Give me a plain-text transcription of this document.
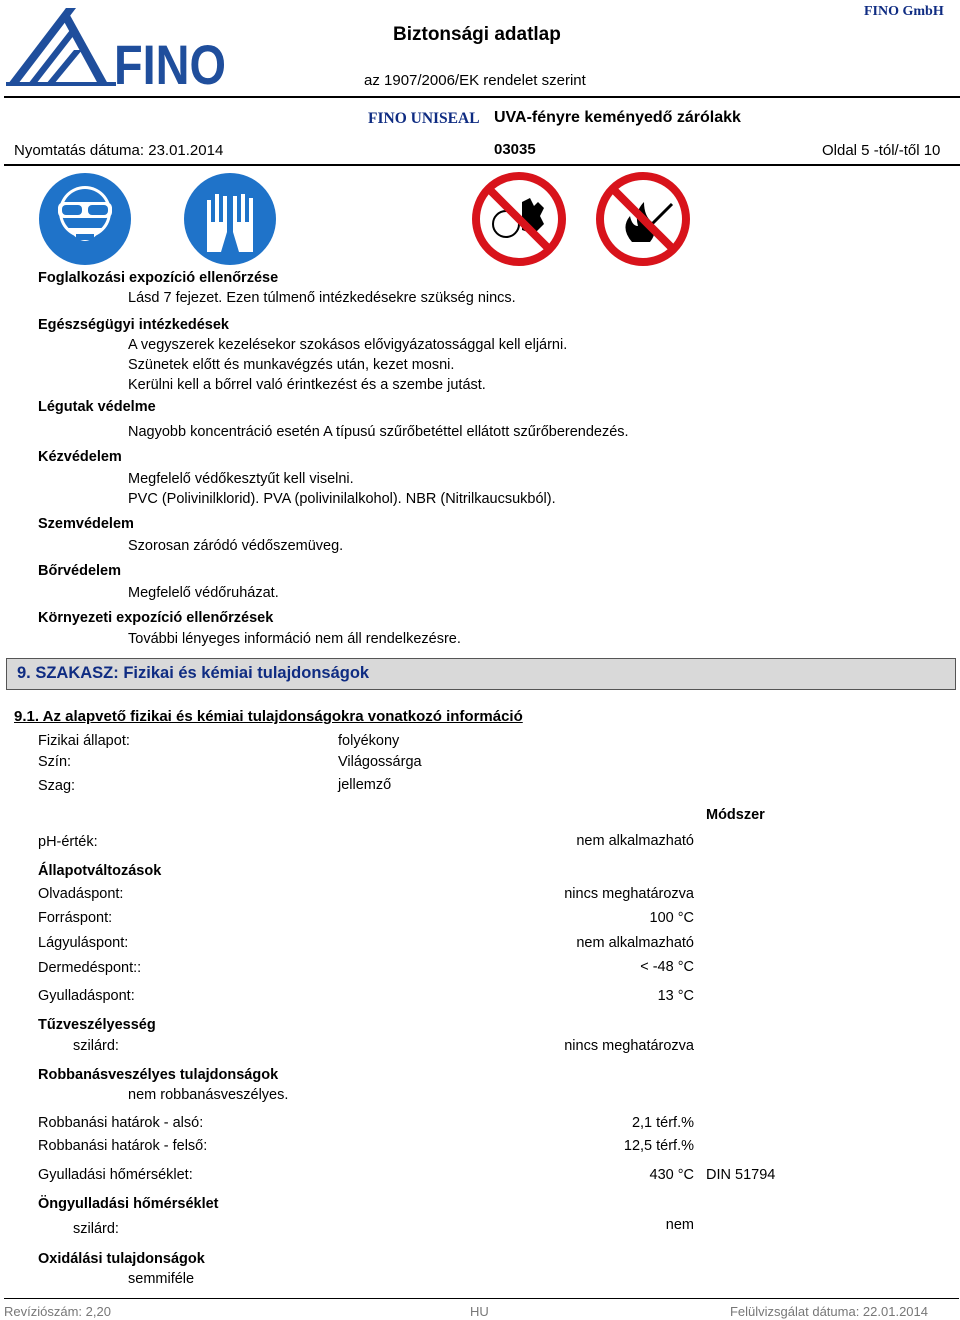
FINO	Biztonsági adatlap
FINO GmbH
az 1907/2006/EK rendelet szerint
FINO UNISEAL UVA-fényre keményedő zárólakk
Nyomtatás dátuma: 23.01.2014	03035	Oldal 5 -tól/-től 10
Foglalkozási expozíció ellenőrzése
Lásd 7 fejezet. Ezen túlmenő intézkedésekre szükség nincs.
Egészségügyi intézkedések
A vegyszerek kezelésekor szokásos elővigyázatossággal kell eljárni.
Szünetek előtt és munkavégzés után, kezet mosni.
Kerülni kell a bőrrel való érintkezést és a szembe jutást.
Légutak védelme
Nagyobb koncentráció esetén A típusú szűrőbetéttel ellátott szűrőberendezés.
Kézvédelem
Megfelelő védőkesztyűt kell viselni.
PVC (Polivinilklorid). PVA (polivinilalkohol). NBR (Nitrilkaucsukból).
Szemvédelem
Szorosan záródó védőszemüveg.
Bőrvédelem
Megfelelő védőruházat.
Környezeti expozíció ellenőrzések
További lényeges információ nem áll rendelkezésre.
9. SZAKASZ: Fizikai és kémiai tulajdonságok
9.1. Az alapvető fizikai és kémiai tulajdonságokra vonatkozó információ
Fizikai állapot:	folyékony
Szín:	Világossárga
Szag:	jellemző
Módszer
pH-érték:	nem alkalmazható
Állapotváltozások
Olvadáspont:	nincs meghatározva
Forráspont:	100 °C
Lágyuláspont:	nem alkalmazható
Dermedéspont::	< -48 °C
Gyulladáspont:	13 °C
Tűzveszélyesség
szilárd:	nincs meghatározva
Robbanásveszélyes tulajdonságok
nem robbanásveszélyes.
Robbanási határok - alsó:	2,1 térf.%
Robbanási határok - felső:	12,5 térf.%
Gyulladási hőmérséklet:	430 °C DIN 51794
Öngyulladási hőmérséklet
szilárd:	nem
Oxidálási tulajdonságok
semmiféle
Revíziószám: 2,20	HU	Felülvizsgálat dátuma: 22.01.2014
